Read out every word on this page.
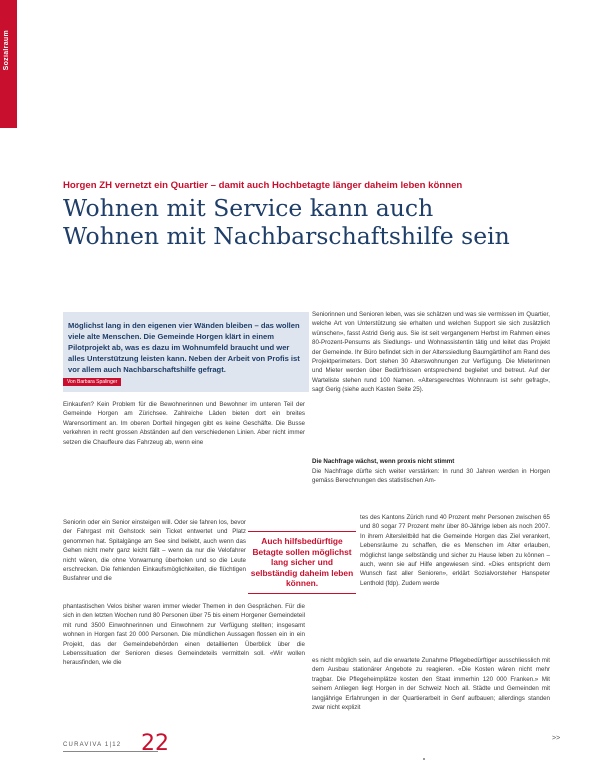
Sozialraum
Horgen ZH vernetzt ein Quartier – damit auch Hochbetagte länger daheim leben können
Wohnen mit Service kann auch
Wohnen mit Nachbarschaftshilfe sein
Möglichst lang in den eigenen vier Wänden bleiben – das wollen viele alte Menschen. Die Gemeinde Horgen klärt in einem Pilotprojekt ab, was es dazu im Wohnumfeld braucht und wer alles Unterstützung leisten kann. Neben der Arbeit von Profis ist vor allem auch Nachbarschaftshilfe gefragt.
Von Barbara Spalinger
Einkaufen? Kein Problem für die Bewohnerinnen und Bewohner im unteren Teil der Gemeinde Horgen am Zürichsee. Zahlreiche Läden bieten dort ein breites Warensortiment an. Im oberen Dorfteil hingegen gibt es keine Geschäfte. Die Busse verkehren in recht grossen Abständen auf den verschiedenen Linien. Aber nicht immer setzen die Chauffeure das Fahrzeug ab, wenn eine
Seniorin oder ein Senior einsteigen will. Oder sie fahren los, bevor der Fahrgast mit Gehstock sein Ticket entwertet und Platz genommen hat. Spitalgänge am See sind beliebt, auch wenn das Gehen nicht mehr ganz leicht fällt – wenn da nur die Velofahrer nicht wären, die ohne Vorwarnung überholen und so die Leute erschrecken. Die fehlenden Einkaufsmöglichkeiten, die flüchtigen Busfahrer und die
phantastischen Velos bisher waren immer wieder Themen in den Gesprächen. Für die sich in den letzten Wochen rund 80 Personen über 75 bis einem Horgener Gemeindeteil mit rund 3500 Einwohnerinnen und Einwohnern zur Verfügung stellten; insgesamt wohnen in Horgen fast 20 000 Personen. Die mündlichen Aussagen flossen ein in ein Projekt, das der Gemeindebehörden einen detaillierten Überblick über die Lebenssituation der Senioren dieses Gemeindeteils vermitteln soll. «Wir wollen herausfinden, wie die
Auch hilfsbedürftige Betagte sollen möglichst lang sicher und selbständig daheim leben können.
Seniorinnen und Senioren leben, was sie schätzen und was sie vermissen im Quartier, welche Art von Unterstützung sie erhalten und welchen Support sie sich zusätzlich wünschen», fasst Astrid Gerig aus. Sie ist seit vergangenem Herbst im Rahmen eines 80-Prozent-Pensums als Siedlungs- und Wohnassistentin tätig und leitet das Projekt der Gemeinde. Ihr Büro befindet sich in der Alterssiedlung Baumgärtlihof am Rand des Projektperimeters. Dort stehen 30 Alterswohnungen zur Verfügung. Die Mieterinnen und Mieter werden über Bedürfnissen entsprechend begleitet und betreut. Auf der Warteliste stehen rund 100 Namen. «Altersgerechtes Wohnraum ist sehr gefragt», sagt Gerig (siehe auch Kasten Seite 25).
Die Nachfrage wächst, wenn proxis nicht stimmt
Die Nachfrage dürfte sich weiter verstärken: In rund 30 Jahren werden in Horgen gemäss Berechnungen des statistischen Am-
tes des Kantons Zürich rund 40 Prozent mehr Personen zwischen 65 und 80 sogar 77 Prozent mehr über 80-Jährige leben als noch 2007. In ihrem Altersleitbild hat die Gemeinde Horgen das Ziel verankert, Lebensräume zu schaffen, die es Menschen im Alter erlauben, möglichst lange selbständig und sicher zu Hause leben zu können – auch, wenn sie auf Hilfe angewiesen sind. «Dies entspricht dem Wunsch fast aller Senioren», erklärt Sozialvorsteher Hanspeter Lenthold (fdp). Zudem werde
es nicht möglich sein, auf die erwartete Zunahme Pflegebedürftiger ausschliesslich mit dem Ausbau stationärer Angebote zu reagieren. «Die Kosten wären nicht mehr tragbar. Die Pflegeheimplätze kosten den Staat immerhin 120 000 Franken.» Mit seinem Anliegen liegt Horgen in der Schweiz Noch all. Städte und Gemeinden mit langjährige Erfahrungen in der Quartierarbeit in Genf aufbauen; allerdings standen zwar nicht explizit
>>
CURAVIVA 1|12 22
